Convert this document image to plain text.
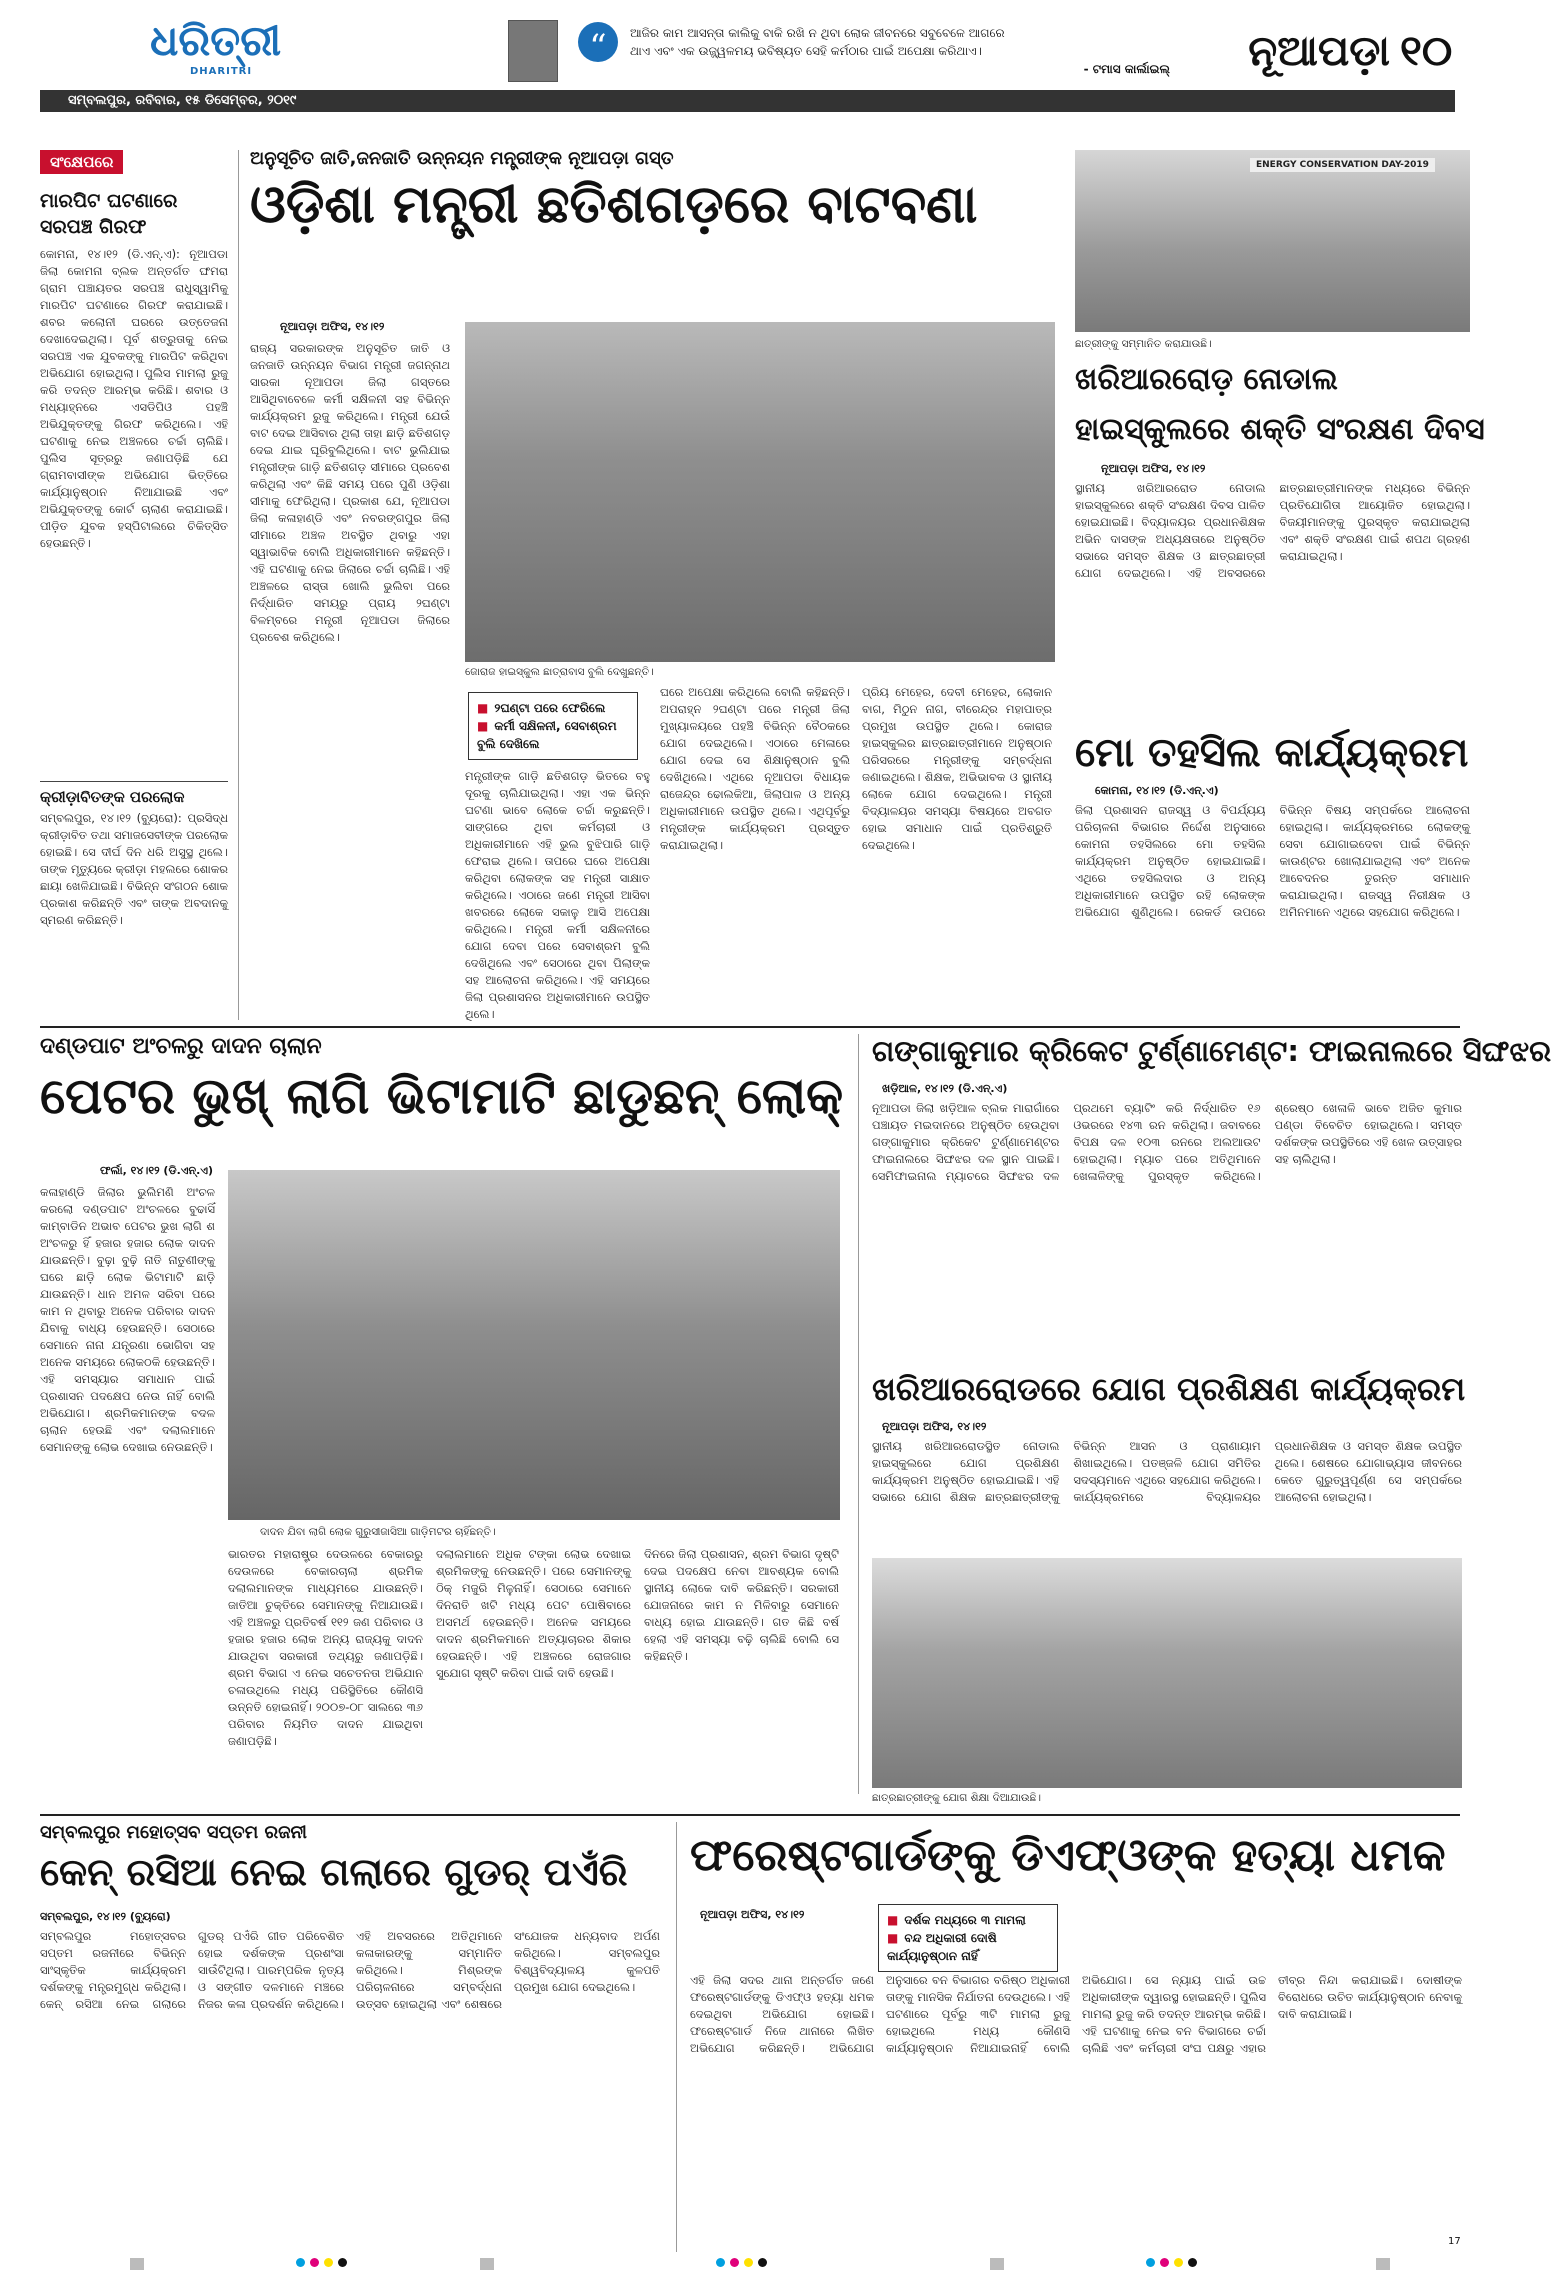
ଧରିତ୍ରୀ
DHARITRI
ସମ୍ବଲପୁର, ରବିବାର, ୧୫ ଡିସେମ୍ବର, ୨୦୧୯
“	ଆଜିର କାମ ଆସନ୍ତା କାଲିକୁ ବାକି ରଖି ନ ଥିବା ଲୋକ ଜୀବନରେ ସବୁବେଳେ ଆଗରେ
ଥାଏ ଏବଂ ଏକ ଉଜ୍ଜ୍ୱଳମୟ ଭବିଷ୍ୟତ ସେହି କର୍ମଠାର ପାଇଁ ଅପେକ୍ଷା କରିଥାଏ।
- ଟମାସ କାର୍ଲାଇଲ୍	ନୂଆପଡ଼ା ୧୦
ସଂକ୍ଷେପରେ
ମାରପିଟ ଘଟଣାରେ
ସରପଞ୍ଚ ଗିରଫ
କୋମନା, ୧୪।୧୨ (ଡି.ଏନ୍.ଏ): ନୂଆପଡା ଜିଲା କୋମନା ବ୍ଲକ ଅନ୍ତର୍ଗତ ଙ୍ଘମରା ଗ୍ରାମ ପଞ୍ଚାୟତର ସରପଞ୍ଚ ରାଧୁସ୍ୱାମିକୁ ମାରପିଟ ଘଟଣାରେ ଗିରଫ କରାଯାଇଛି। ଶବର କଲୋନୀ ଘରରେ ଉତ୍ତେଜନା ଦେଖାଦେଇଥିଲା। ପୂର୍ବ ଶତ୍ରୁତାକୁ ନେଇ ସରପଞ୍ଚ ଏକ ଯୁବକଙ୍କୁ ମାରପିଟ କରିଥିବା ଅଭିଯୋଗ ହୋଇଥିଲା। ପୁଲିସ ମାମଲା ରୁଜୁ କରି ତଦନ୍ତ ଆରମ୍ଭ କରିଛି। ଶବାର ଓ ମଧ୍ୟାହ୍ନରେ ଏସଡିପିଓ ପହଞ୍ଚି ଅଭିଯୁକ୍ତଙ୍କୁ ଗିରଫ କରିଥିଲେ। ଏହି ଘଟଣାକୁ ନେଇ ଅଞ୍ଚଳରେ ଚର୍ଚ୍ଚା ଚାଲିଛି। ପୁଲିସ ସୂତ୍ରରୁ ଜଣାପଡ଼ିଛି ଯେ ଗ୍ରାମବାସୀଙ୍କ ଅଭିଯୋଗ ଭିତ୍ତିରେ କାର୍ଯ୍ୟାନୁଷ୍ଠାନ ନିଆଯାଇଛି ଏବଂ ଅଭିଯୁକ୍ତଙ୍କୁ କୋର୍ଟ ଚାଲାଣ କରାଯାଇଛି। ପୀଡ଼ିତ ଯୁବକ ହସ୍ପିଟାଲରେ ଚିକିତ୍ସିତ ହେଉଛନ୍ତି।
କ୍ରୀଡ଼ାବିତଙ୍କ ପରଲୋକ
ସମ୍ବଲପୁର, ୧୪।୧୨ (ବ୍ୟୁରୋ): ପ୍ରସିଦ୍ଧ କ୍ରୀଡ଼ାବିତ ତଥା ସମାଜସେବୀଙ୍କ ପରଲୋକ ହୋଇଛି। ସେ ଦୀର୍ଘ ଦିନ ଧରି ଅସୁସ୍ଥ ଥିଲେ। ତାଙ୍କ ମୃତ୍ୟୁରେ କ୍ରୀଡ଼ା ମହଲରେ ଶୋକର ଛାୟା ଖେଳିଯାଇଛି। ବିଭିନ୍ନ ସଂଗଠନ ଶୋକ ପ୍ରକାଶ କରିଛନ୍ତି ଏବଂ ତାଙ୍କ ଅବଦାନକୁ ସ୍ମରଣ କରିଛନ୍ତି।
ଅନୁସୂଚିତ ଜାତି,ଜନଜାତି ଉନ୍ନୟନ ମନ୍ତ୍ରୀଙ୍କ ନୂଆପଡ଼ା ଗସ୍ତ
ଓଡ଼ିଶା ମନ୍ତ୍ରୀ ଛତିଶଗଡ଼ରେ ବାଟବଣା
ନୂଆପଡ଼ା ଅଫିସ, ୧୪।୧୨
ରାଜ୍ୟ ସରକାରଙ୍କ ଅନୁସୂଚିତ ଜାତି ଓ ଜନଜାତି ଉନ୍ନୟନ ବିଭାଗ ମନ୍ତ୍ରୀ ଜଗନ୍ନାଥ ସାରକା ନୂଆପଡା ଜିଲା ଗସ୍ତରେ ଆସିଥିବାବେଳେ କର୍ମୀ ସକ୍ଷିଳନୀ ସହ ବିଭିନ୍ନ କାର୍ଯ୍ୟକ୍ରମ ରୁଜୁ କରିଥିଲେ। ମନ୍ତ୍ରୀ ଯେଉଁ ବାଟ ଦେଇ ଆସିବାର ଥିଲା ତାହା ଛାଡ଼ି ଛତିଶଗଡ଼ ଦେଇ ଯାଇ ଘୂରିବୁଲିଥିଲେ। ବାଟ ଭୁଲିଯାଇ ମନ୍ତ୍ରୀଙ୍କ ଗାଡ଼ି ଛତିଶଗଡ଼ ସୀମାରେ ପ୍ରବେଶ କରିଥିଲା ଏବଂ କିଛି ସମୟ ପରେ ପୁଣି ଓଡ଼ିଶା ସୀମାକୁ ଫେରିଥିଲା। ପ୍ରକାଶ ଯେ, ନୂଆପଡା ଜିଲା କଳାହାଣ୍ଡି ଏବଂ ନବରଙ୍ଗପୁର ଜିଲା ସୀମାରେ ଅଞ୍ଚଳ ଅବସ୍ଥିତ ଥିବାରୁ ଏହା ସ୍ୱାଭାବିକ ବୋଲି ଅଧିକାରୀମାନେ କହିଛନ୍ତି। ଏହି ଘଟଣାକୁ ନେଇ ଜିଲାରେ ଚର୍ଚ୍ଚା ଚାଲିଛି। ଏହି ଅଞ୍ଚଳରେ ରାସ୍ତା ଖୋଲି ଭୁଲିବା ପରେ ନିର୍ଦ୍ଧାରିତ ସମୟରୁ ପ୍ରାୟ ୨ଘଣ୍ଟା ବିଳମ୍ବରେ ମନ୍ତ୍ରୀ ନୂଆପଡା ଜିଲାରେ ପ୍ରବେଶ କରିଥିଲେ।
ଜୋରାଜ ହାଇସ୍କୁଲ ଛାତ୍ରାବାସ ବୁଲି ଦେଖୁଛନ୍ତି।
■ ୨ଘଣ୍ଟା ପରେ ଫେରିଲେ
■ କର୍ମୀ ସକ୍ଷିଳନୀ, ସେବାଶ୍ରମ ବୁଲି ଦେଖିଲେ
ମନ୍ତ୍ରୀଙ୍କ ଗାଡ଼ି ଛତିଶଗଡ଼ ଭିତରେ ବହୁ ଦୂରକୁ ଚାଲିଯାଇଥିଲା। ଏହା ଏକ ଭିନ୍ନ ଘଟଣା ଭାବେ ଲୋକେ ଚର୍ଚ୍ଚା କରୁଛନ୍ତି। ସାଙ୍ଗରେ ଥିବା କର୍ମଚାରୀ ଓ ଅଧିକାରୀମାନେ ଏହି ଭୁଲ ବୁଝିପାରି ଗାଡ଼ି ଫେରାଇ ଥିଲେ। ତାପରେ ଘରେ ଅପେକ୍ଷା କରିଥିବା ଲୋକଙ୍କ ସହ ମନ୍ତ୍ରୀ ସାକ୍ଷାତ କରିଥିଲେ। ଏଠାରେ ଜଣେ ମନ୍ତ୍ରୀ ଆସିବା ଖବରରେ ଲୋକେ ସକାଳୁ ଆସି ଅପେକ୍ଷା କରିଥିଲେ। ମନ୍ତ୍ରୀ କର୍ମୀ ସକ୍ଷିଳନୀରେ ଯୋଗ ଦେବା ପରେ ସେବାଶ୍ରମ ବୁଲି ଦେଖିଥିଲେ ଏବଂ ସେଠାରେ ଥିବା ପିଲାଙ୍କ ସହ ଆଲୋଚନା କରିଥିଲେ। ଏହି ସମୟରେ ଜିଲା ପ୍ରଶାସନର ଅଧିକାରୀମାନେ ଉପସ୍ଥିତ ଥିଲେ।
ଘରେ ଅପେକ୍ଷା କରିଥିଲେ ବୋଲି କହିଛନ୍ତି। ଅପରାହ୍ନ ୨ଘଣ୍ଟା ପରେ ମନ୍ତ୍ରୀ ଜିଲା ମୁଖ୍ୟାଳୟରେ ପହଞ୍ଚି ବିଭିନ୍ନ ବୈଠକରେ ଯୋଗ ଦେଇଥିଲେ। ଏଠାରେ ମେଳାରେ ଯୋଗ ଦେଇ ସେ ଶିକ୍ଷାନୁଷ୍ଠାନ ବୁଲି ଦେଖିଥିଲେ। ଏଥିରେ ନୂଆପଡା ବିଧାୟକ ରାଜେନ୍ଦ୍ର ଢୋଲକିଆ, ଜିଲାପାଳ ଓ ଅନ୍ୟ ଅଧିକାରୀମାନେ ଉପସ୍ଥିତ ଥିଲେ। ଏଥିପୂର୍ବରୁ ମନ୍ତ୍ରୀଙ୍କ କାର୍ଯ୍ୟକ୍ରମ ପ୍ରସ୍ତୁତ କରାଯାଇଥିଲା।
ପ୍ରିୟ ମେହେର, ଦେବୀ ମେହେର, ଲୋକାନ ବାଗ, ମିଠୁନ ନାଗ, ବୀରେନ୍ଦ୍ର ମହାପାତ୍ର ପ୍ରମୁଖ ଉପସ୍ଥିତ ଥିଲେ। କୋରାଜ ହାଇସ୍କୁଲର ଛାତ୍ରଛାତ୍ରୀମାନେ ଅନୁଷ୍ଠାନ ପରିସରରେ ମନ୍ତ୍ରୀଙ୍କୁ ସମ୍ବର୍ଦ୍ଧନା ଜଣାଇଥିଲେ। ଶିକ୍ଷକ, ଅଭିଭାବକ ଓ ସ୍ଥାନୀୟ ଲୋକେ ଯୋଗ ଦେଇଥିଲେ। ମନ୍ତ୍ରୀ ବିଦ୍ୟାଳୟର ସମସ୍ୟା ବିଷୟରେ ଅବଗତ ହୋଇ ସମାଧାନ ପାଇଁ ପ୍ରତିଶ୍ରୁତି ଦେଇଥିଲେ।
ENERGY CONSERVATION DAY-2019
ଛାତ୍ରୀଙ୍କୁ ସମ୍ମାନିତ କରାଯାଉଛି।
ଖରିଆରରୋଡ଼ ନୋଡାଲ
ହାଇସ୍କୁଲରେ ଶକ୍ତି ସଂରକ୍ଷଣ ଦିବସ
ନୂଆପଡ଼ା ଅଫିସ, ୧୪।୧୨
ସ୍ଥାନୀୟ ଖରିଆରରୋଡ ନୋଡାଲ ହାଇସ୍କୁଲରେ ଶକ୍ତି ସଂରକ୍ଷଣ ଦିବସ ପାଳିତ ହୋଇଯାଇଛି। ବିଦ୍ୟାଳୟର ପ୍ରଧାନଶିକ୍ଷକ ଅଭିନ ଦାସଙ୍କ ଅଧ୍ୟକ୍ଷତାରେ ଅନୁଷ୍ଠିତ ସଭାରେ ସମସ୍ତ ଶିକ୍ଷକ ଓ ଛାତ୍ରଛାତ୍ରୀ ଯୋଗ ଦେଇଥିଲେ। ଏହି ଅବସରରେ ଛାତ୍ରଛାତ୍ରୀମାନଙ୍କ ମଧ୍ୟରେ ବିଭିନ୍ନ ପ୍ରତିଯୋଗିତା ଆୟୋଜିତ ହୋଇଥିଲା। ବିଜୟୀମାନଙ୍କୁ ପୁରସ୍କୃତ କରାଯାଇଥିଲା ଏବଂ ଶକ୍ତି ସଂରକ୍ଷଣ ପାଇଁ ଶପଥ ଗ୍ରହଣ କରାଯାଇଥିଲା।
ମୋ ତହସିଲ କାର୍ଯ୍ୟକ୍ରମ
କୋମନା, ୧୪।୧୨ (ଡି.ଏନ୍.ଏ)
ଜିଲା ପ୍ରଶାସନ ରାଜସ୍ୱ ଓ ବିପର୍ଯ୍ୟୟ ପରିଚାଳନା ବିଭାଗର ନିର୍ଦ୍ଦେଶ ଅନୁସାରେ କୋମନା ତହସିଲରେ ମୋ ତହସିଲ କାର୍ଯ୍ୟକ୍ରମ ଅନୁଷ୍ଠିତ ହୋଇଯାଇଛି। ଏଥିରେ ତହସିଲଦାର ଓ ଅନ୍ୟ ଅଧିକାରୀମାନେ ଉପସ୍ଥିତ ରହି ଲୋକଙ୍କ ଅଭିଯୋଗ ଶୁଣିଥିଲେ। ରେକର୍ଡ ଉପରେ ବିଭିନ୍ନ ବିଷୟ ସମ୍ପର୍କରେ ଆଲୋଚନା ହୋଇଥିଲା। କାର୍ଯ୍ୟକ୍ରମରେ ଲୋକଙ୍କୁ ସେବା ଯୋଗାଇଦେବା ପାଇଁ ବିଭିନ୍ନ କାଉଣ୍ଟର ଖୋଲାଯାଇଥିଲା ଏବଂ ଅନେକ ଆବେଦନର ତୁରନ୍ତ ସମାଧାନ କରାଯାଇଥିଲା। ରାଜସ୍ୱ ନିରୀକ୍ଷକ ଓ ଅମିନମାନେ ଏଥିରେ ସହଯୋଗ କରିଥିଲେ।
ଦଣ୍ଡପାଟ ଅଂଚଳରୁ ଦାଦନ ଚାଲାନ
ପେଟର ଭୁଖ୍ ଲାଗି ଭିଟାମାଟି ଛାଡୁଛନ୍ ଲୋକ୍
ଫର୍ଲା, ୧୪।୧୨ (ଡି.ଏନ୍.ଏ)
କଳାହାଣ୍ଡି ଜିଲାର ଭୁଲିମଣି ଅଂଚଳ କରଲୋ ଦଣ୍ଡପାଟ ଅଂଚଳରେ ବୁଢାସିଁ କାମ୍ବାଡିନ ଅଭାବ ପେଟର ଭୁଖ ଲାଗି ଶ ଅଂଚଳରୁ ହିଁ ହଜାର ହଜାର ଲୋକ ଦାଦନ ଯାଉଛନ୍ତି। ବୁଢ଼ା ବୁଢ଼ି ନାତି ନାତୁଣୀଙ୍କୁ ଘରେ ଛାଡ଼ି ଲୋକ ଭିଟାମାଟି ଛାଡ଼ି ଯାଉଛନ୍ତି। ଧାନ ଅମଳ ସରିବା ପରେ କାମ ନ ଥିବାରୁ ଅନେକ ପରିବାର ଦାଦନ ଯିବାକୁ ବାଧ୍ୟ ହେଉଛନ୍ତି। ସେଠାରେ ସେମାନେ ନାନା ଯନ୍ତ୍ରଣା ଭୋଗିବା ସହ ଅନେକ ସମୟରେ ଲୋକଠକି ହେଉଛନ୍ତି। ଏହି ସମସ୍ୟାର ସମାଧାନ ପାଇଁ ପ୍ରଶାସନ ପଦକ୍ଷେପ ନେଉ ନାହିଁ ବୋଲି ଅଭିଯୋଗ। ଶ୍ରମିକମାନଙ୍କ ବଦଳ ଚାଲାନ ହେଉଛି ଏବଂ ଦଲାଲମାନେ ସେମାନଙ୍କୁ ଲୋଭ ଦେଖାଇ ନେଉଛନ୍ତି।
ଦାଦନ ଯିବା ଲାଗି ଲୋକ ଗୁରୁସୀଜାସିଆ ଗାଡ଼ିମଟର ଚାହିଁଛନ୍ତି।
ଭାରତର ମହାରାଷ୍ଟ୍ର ଦେଉଳରେ ବେକାରରୁ ଦେଉଳରେ ବେକାରଚାଲା ଶ୍ରମିକ ଦଲାଲମାନଙ୍କ ମାଧ୍ୟମରେ ଯାଉଛନ୍ତି। ଜାତିଆ ଚୁକ୍ତିରେ ସେମାନଙ୍କୁ ନିଆଯାଉଛି। ଏହି ଅଞ୍ଚଳରୁ ପ୍ରତିବର୍ଷ ୧୧୨ ଜଣ ପରିବାର ଓ ହଜାର ହଜାର ଲୋକ ଅନ୍ୟ ରାଜ୍ୟକୁ ଦାଦନ ଯାଉଥିବା ସରକାରୀ ତଥ୍ୟରୁ ଜଣାପଡ଼ିଛି। ଶ୍ରମ ବିଭାଗ ଏ ନେଇ ସଚେତନତା ଅଭିଯାନ ଚଳାଉଥିଲେ ମଧ୍ୟ ପରିସ୍ଥିତିରେ କୌଣସି ଉନ୍ନତି ହୋଇନାହିଁ। ୨୦୦୭-୦୮ ସାଲରେ ୩୬ ପରିବାର ନିୟମିତ ଦାଦନ ଯାଇଥିବା ଜଣାପଡ଼ିଛି।
ଦଲାଲମାନେ ଅଧିକ ଟଙ୍କା ଲୋଭ ଦେଖାଇ ଶ୍ରମିକଙ୍କୁ ନେଉଛନ୍ତି। ପରେ ସେମାନଙ୍କୁ ଠିକ୍ ମଜୁରି ମିଳୁନାହିଁ। ସେଠାରେ ସେମାନେ ଦିନରାତି ଖଟି ମଧ୍ୟ ପେଟ ପୋଷିବାରେ ଅସମର୍ଥ ହେଉଛନ୍ତି। ଅନେକ ସମୟରେ ଦାଦନ ଶ୍ରମିକମାନେ ଅତ୍ୟାଚାରର ଶିକାର ହେଉଛନ୍ତି। ଏହି ଅଞ୍ଚଳରେ ରୋଜଗାର ସୁଯୋଗ ସୃଷ୍ଟି କରିବା ପାଇଁ ଦାବି ହେଉଛି।
ଦିନରେ ଜିଲା ପ୍ରଶାସନ, ଶ୍ରମ ବିଭାଗ ଦୃଷ୍ଟି ଦେଇ ପଦକ୍ଷେପ ନେବା ଆବଶ୍ୟକ ବୋଲି ସ୍ଥାନୀୟ ଲୋକେ ଦାବି କରିଛନ୍ତି। ସରକାରୀ ଯୋଜନାରେ କାମ ନ ମିଳିବାରୁ ସେମାନେ ବାଧ୍ୟ ହୋଇ ଯାଉଛନ୍ତି। ଗତ କିଛି ବର୍ଷ ହେଲା ଏହି ସମସ୍ୟା ବଢ଼ି ଚାଲିଛି ବୋଲି ସେ କହିଛନ୍ତି।
ଗଙ୍ଗାକୁମାର କ୍ରିକେଟ ଟୁର୍ଣ୍ଣାମେଣ୍ଟ: ଫାଇନାଲରେ ସିଙ୍ଘଝର
ଖଡ଼ିଆଳ, ୧୪।୧୨ (ଡି.ଏନ୍.ଏ)
ନୂଆପଡା ଜିଲା ଖଡ଼ିଆଳ ବ୍ଲକ ମାରାଗାଁରେ ପଞ୍ଚାୟତ ମଇଦାନରେ ଅନୁଷ୍ଠିତ ହେଉଥିବା ଗଙ୍ଗାକୁମାର କ୍ରିକେଟ ଟୁର୍ଣ୍ଣାମେଣ୍ଟର ଫାଇନାଲରେ ସିଙ୍ଘଝର ଦଳ ସ୍ଥାନ ପାଇଛି। ସେମିଫାଇନାଲ ମ୍ୟାଚରେ ସିଙ୍ଘଝର ଦଳ ପ୍ରଥମେ ବ୍ୟାଟିଂ କରି ନିର୍ଦ୍ଧାରିତ ୧୬ ଓଭରରେ ୧୪୩ ରନ କରିଥିଲା। ଜବାବରେ ବିପକ୍ଷ ଦଳ ୧୦୩ ରନରେ ଅଲଆଉଟ ହୋଇଥିଲା। ମ୍ୟାଚ ପରେ ଅତିଥିମାନେ ଖେଳାଳିଙ୍କୁ ପୁରସ୍କୃତ କରିଥିଲେ। ଶ୍ରେଷ୍ଠ ଖେଳାଳି ଭାବେ ଅଜିତ କୁମାର ପଣ୍ଡା ବିବେଚିତ ହୋଇଥିଲେ। ସମସ୍ତ ଦର୍ଶକଙ୍କ ଉପସ୍ଥିତିରେ ଏହି ଖେଳ ଉତ୍ସାହର ସହ ଚାଲିଥିଲା।
ଖରିଆରରୋଡରେ ଯୋଗ ପ୍ରଶିକ୍ଷଣ କାର୍ଯ୍ୟକ୍ରମ
ନୂଆପଡ଼ା ଅଫିସ, ୧୪।୧୨
ସ୍ଥାନୀୟ ଖରିଆରରୋଡସ୍ଥିତ ନୋଡାଲ ହାଇସ୍କୁଲରେ ଯୋଗ ପ୍ରଶିକ୍ଷଣ କାର୍ଯ୍ୟକ୍ରମ ଅନୁଷ୍ଠିତ ହୋଇଯାଇଛି। ଏହି ସଭାରେ ଯୋଗ ଶିକ୍ଷକ ଛାତ୍ରଛାତ୍ରୀଙ୍କୁ ବିଭିନ୍ନ ଆସନ ଓ ପ୍ରାଣାୟାମ ଶିଖାଇଥିଲେ। ପତଞ୍ଜଳି ଯୋଗ ସମିତିର ସଦସ୍ୟମାନେ ଏଥିରେ ସହଯୋଗ କରିଥିଲେ। କାର୍ଯ୍ୟକ୍ରମରେ ବିଦ୍ୟାଳୟର ପ୍ରଧାନଶିକ୍ଷକ ଓ ସମସ୍ତ ଶିକ୍ଷକ ଉପସ୍ଥିତ ଥିଲେ। ଶେଷରେ ଯୋଗାଭ୍ୟାସ ଜୀବନରେ କେତେ ଗୁରୁତ୍ୱପୂର୍ଣ୍ଣ ସେ ସମ୍ପର୍କରେ ଆଲୋଚନା ହୋଇଥିଲା।
ଛାତ୍ରଛାତ୍ରୀଙ୍କୁ ଯୋଗ ଶିକ୍ଷା ଦିଆଯାଉଛି।
ସମ୍ବଲପୁର ମହୋତ୍ସବ ସପ୍ତମ ରଜନୀ
କେନ୍ ରସିଆ ନେଇ ଗଲାରେ ଗୁଡର୍ ପଏଁରି
ସମ୍ବଲପୁର, ୧୪।୧୨ (ବ୍ୟୁରୋ)
ସମ୍ବଲପୁର ମହୋତ୍ସବର ସପ୍ତମ ରଜନୀରେ ବିଭିନ୍ନ ସାଂସ୍କୃତିକ କାର୍ଯ୍ୟକ୍ରମ ଦର୍ଶକଙ୍କୁ ମନ୍ତ୍ରମୁଗ୍ଧ କରିଥିଲା। କେନ୍ ରସିଆ ନେଇ ଗଲାରେ ଗୁଡର୍ ପଏଁରି ଗୀତ ପରିବେଶିତ ହୋଇ ଦର୍ଶକଙ୍କ ପ୍ରଶଂସା ସାଉଁଟିଥିଲା। ପାରମ୍ପରିକ ନୃତ୍ୟ ଓ ସଙ୍ଗୀତ ଦଳମାନେ ମଞ୍ଚରେ ନିଜର କଳା ପ୍ରଦର୍ଶନ କରିଥିଲେ। ଏହି ଅବସରରେ ଅତିଥିମାନେ କଳାକାରଙ୍କୁ ସମ୍ମାନିତ କରିଥିଲେ। ମିଶ୍ରଙ୍କ ପରିଚାଳନାରେ ସମ୍ବର୍ଦ୍ଧନା ଉତ୍ସବ ହୋଇଥିଲା ଏବଂ ଶେଷରେ ସଂଯୋଜକ ଧନ୍ୟବାଦ ଅର୍ପଣ କରିଥିଲେ। ସମ୍ବଲପୁର ବିଶ୍ୱବିଦ୍ୟାଳୟ କୁଳପତି ପ୍ରମୁଖ ଯୋଗ ଦେଇଥିଲେ।
ଫରେଷ୍ଟଗାର୍ଡଙ୍କୁ ଡିଏଫ୍ଓଙ୍କ ହତ୍ୟା ଧମକ
ନୂଆପଡ଼ା ଅଫିସ, ୧୪।୧୨
■	ଦର୍ଶକ ମଧ୍ୟରେ ୩ ମାମଲା
■ ବନ୍ଦ ଅଧିକାରୀ ଦୋଷି କାର୍ଯ୍ୟାନୁଷ୍ଠାନ ନାହିଁ
ଏହି ଜିଲା ସଦର ଥାନା ଅନ୍ତର୍ଗତ ଜଣେ ଫରେଷ୍ଟଗାର୍ଡଙ୍କୁ ଡିଏଫ୍ଓ ହତ୍ୟା ଧମକ ଦେଇଥିବା ଅଭିଯୋଗ ହୋଇଛି। ଫରେଷ୍ଟଗାର୍ଡ ନିଜେ ଥାନାରେ ଲିଖିତ ଅଭିଯୋଗ କରିଛନ୍ତି। ଅଭିଯୋଗ ଅନୁସାରେ ବନ ବିଭାଗର ବରିଷ୍ଠ ଅଧିକାରୀ ତାଙ୍କୁ ମାନସିକ ନିର୍ଯାତନା ଦେଉଥିଲେ। ଏହି ଘଟଣାରେ ପୂର୍ବରୁ ୩ଟି ମାମଲା ରୁଜୁ ହୋଇଥିଲେ ମଧ୍ୟ କୌଣସି କାର୍ଯ୍ୟାନୁଷ୍ଠାନ ନିଆଯାଇନାହିଁ ବୋଲି ଅଭିଯୋଗ। ସେ ନ୍ୟାୟ ପାଇଁ ଉଚ୍ଚ ଅଧିକାରୀଙ୍କ ଦ୍ୱାରସ୍ଥ ହୋଇଛନ୍ତି। ପୁଲିସ ମାମଲା ରୁଜୁ କରି ତଦନ୍ତ ଆରମ୍ଭ କରିଛି। ଏହି ଘଟଣାକୁ ନେଇ ବନ ବିଭାଗରେ ଚର୍ଚ୍ଚା ଚାଲିଛି ଏବଂ କର୍ମଚାରୀ ସଂଘ ପକ୍ଷରୁ ଏହାର ତୀବ୍ର ନିନ୍ଦା କରାଯାଇଛି। ଦୋଷୀଙ୍କ ବିରୋଧରେ ଉଚିତ କାର୍ଯ୍ୟାନୁଷ୍ଠାନ ନେବାକୁ ଦାବି କରାଯାଇଛି।
17
